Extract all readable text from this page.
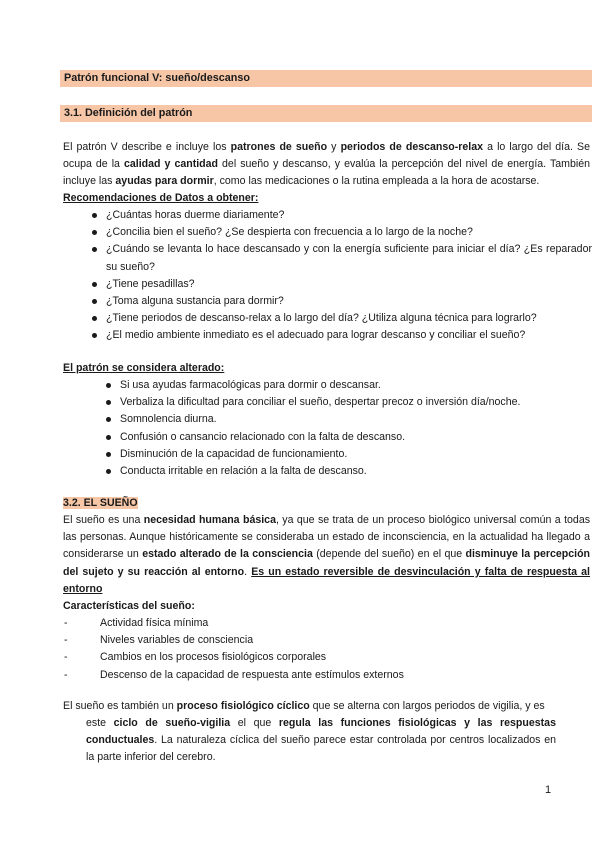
Patrón funcional V: sueño/descanso
3.1. Definición del patrón

El patrón V describe e incluye los patrones de sueño y periodos de descanso-relax a lo largo del día. Se ocupa de la calidad y cantidad del sueño y descanso, y evalúa la percepción del nivel de energía. También incluye las ayudas para dormir, como las medicaciones o la rutina empleada a la hora de acostarse.

Recomendaciones de Datos a obtener:

¿Cuántas horas duerme diariamente?
¿Concilia bien el sueño? ¿Se despierta con frecuencia a lo largo de la noche?
¿Cuándo se levanta lo hace descansado y con la energía suficiente para iniciar el día? ¿Es reparador su sueño?
¿Tiene pesadillas?
¿Toma alguna sustancia para dormir?
¿Tiene periodos de descanso-relax a lo largo del día? ¿Utiliza alguna técnica para lograrlo?
¿El medio ambiente inmediato es el adecuado para lograr descanso y conciliar el sueño?

El patrón se considera alterado:

Si usa ayudas farmacológicas para dormir o descansar.
Verbaliza la dificultad para conciliar el sueño, despertar precoz o inversión día/noche.
Somnolencia diurna.
Confusión o cansancio relacionado con la falta de descanso.
Disminución de la capacidad de funcionamiento.
Conducta irritable en relación a la falta de descanso.

3.2. EL SUEÑO

El sueño es una necesidad humana básica, ya que se trata de un proceso biológico universal común a todas las personas. Aunque históricamente se consideraba un estado de inconsciencia, en la actualidad ha llegado a considerarse un estado alterado de la consciencia (depende del sueño) en el que disminuye la percepción del sujeto y su reacción al entorno. Es un estado reversible de desvinculación y falta de respuesta al entorno

Características del sueño:

- Actividad física mínima
- Niveles variables de consciencia
- Cambios en los procesos fisiológicos corporales
- Descenso de la capacidad de respuesta ante estímulos externos

El sueño es también un proceso fisiológico cíclico que se alterna con largos periodos de vigilia, y es

este ciclo de sueño-vigilia el que regula las funciones fisiológicas y las respuestas conductuales. La naturaleza cíclica del sueño parece estar controlada por centros localizados en la parte inferior del cerebro.

1
